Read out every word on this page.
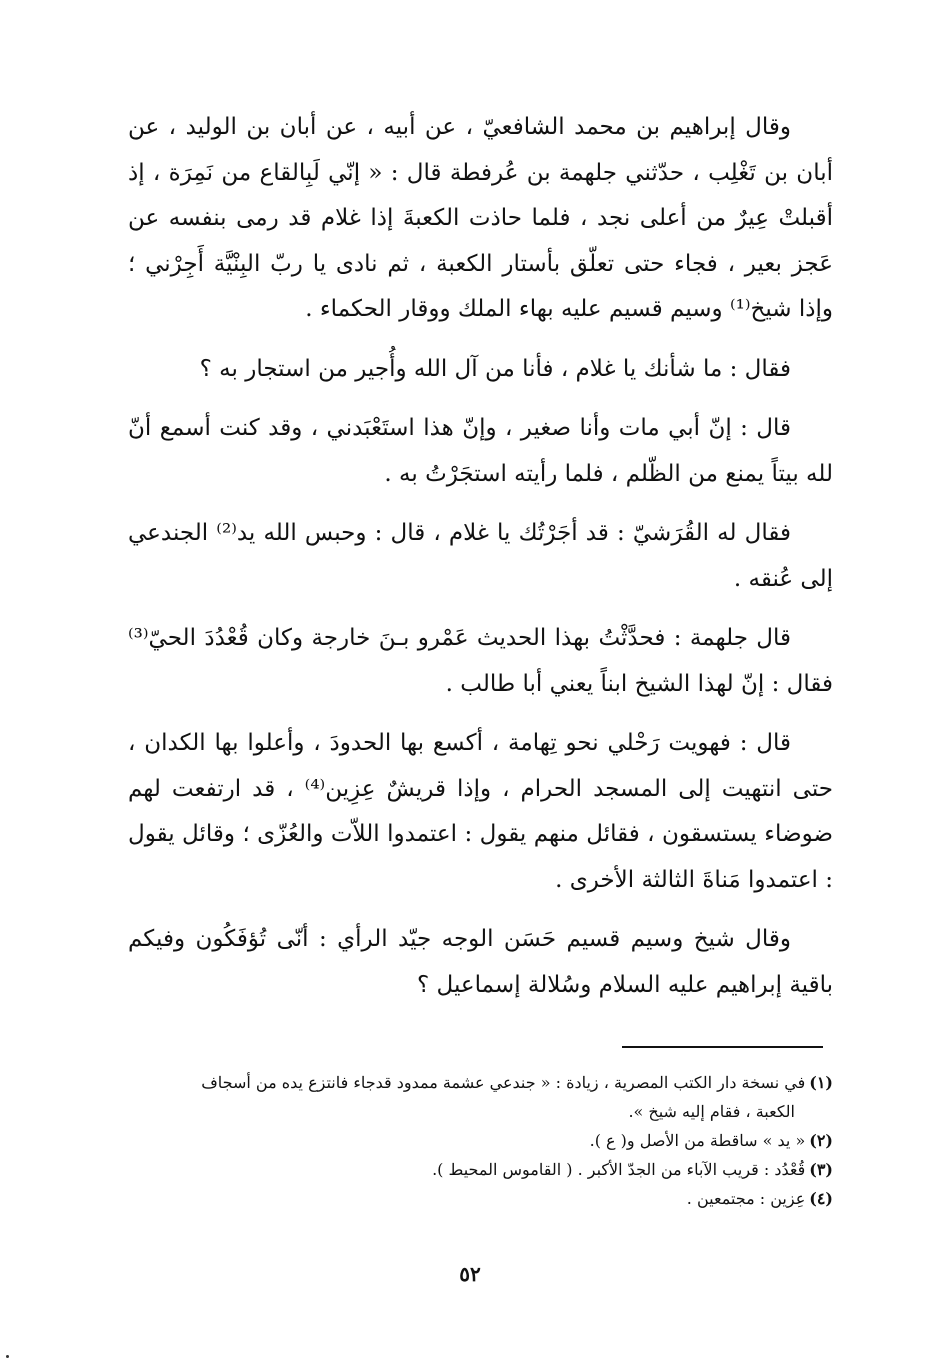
وقال إبراهيم بن محمد الشافعيّ ، عن أبيه ، عن أبان بن الوليد ، عن أبان بن تَغْلِب ، حدّثني جلهمة بن عُرفطة قال : « إنّي لَبِالقاع من نَمِرَة ، إذ أقبلتْ عِيرٌ من أعلى نجد ، فلما حاذت الكعبةَ إذا غلام قد رمى بنفسه عن عَجز بعير ، فجاء حتى تعلّق بأستار الكعبة ، ثم نادى يا ربّ البِنْيَّة أَجِرْني ؛ وإذا شيخ⁽¹⁾ وسيم قسيم عليه بهاء الملك ووقار الحكماء .

فقال : ما شأنك يا غلام ، فأنا من آل الله وأُجير من استجار به ؟

قال : إنّ أبي مات وأنا صغير ، وإنّ هذا استَعْبَدني ، وقد كنت أسمع أنّ لله بيتاً يمنع من الظّلم ، فلما رأيته استجَرْتُ به .

فقال له القُرَشيّ : قد أجَرْتُك يا غلام ، قال : وحبس الله يد⁽²⁾ الجندعي إلى عُنقه .

قال جلهمة : فحدَّثْتُ بهذا الحديث عَمْرو بـنَ خارجة وكان قُعْدُدَ الحيّ⁽³⁾ فقال : إنّ لهذا الشيخ ابناً يعني أبا طالب .

قال : فهويت رَحْلي نحو تِهامة ، أكسع بها الحدودَ ، وأعلوا بها الكدان ، حتى انتهيت إلى المسجد الحرام ، وإذا قريشٌ عِزِين⁽⁴⁾ ، قد ارتفعت لهم ضوضاء يستسقون ، فقائل منهم يقول : اعتمدوا اللاّت والعُزّى ؛ وقائل يقول : اعتمدوا مَناةَ الثالثة الأخرى .

وقال شيخ وسيم قسيم حَسَن الوجه جيّد الرأي : أنّى تُؤفَكُون وفيكم باقية إبراهيم عليه السلام وسُلالة إسماعيل ؟

(١)في نسخة دار الكتب المصرية ، زيادة : « جندعي عشمة ممدود قدجاء فانتزع يده من أسجاف

الكعبة ، فقام إليه شيخ ».

(٢)« يد » ساقطة من الأصل و( ع ).

(٣)قُعْدُد : قريب الآباء من الجدّ الأكبر . ( القاموس المحيط ).

(٤)عِزين : مجتمعين .

٥٢
